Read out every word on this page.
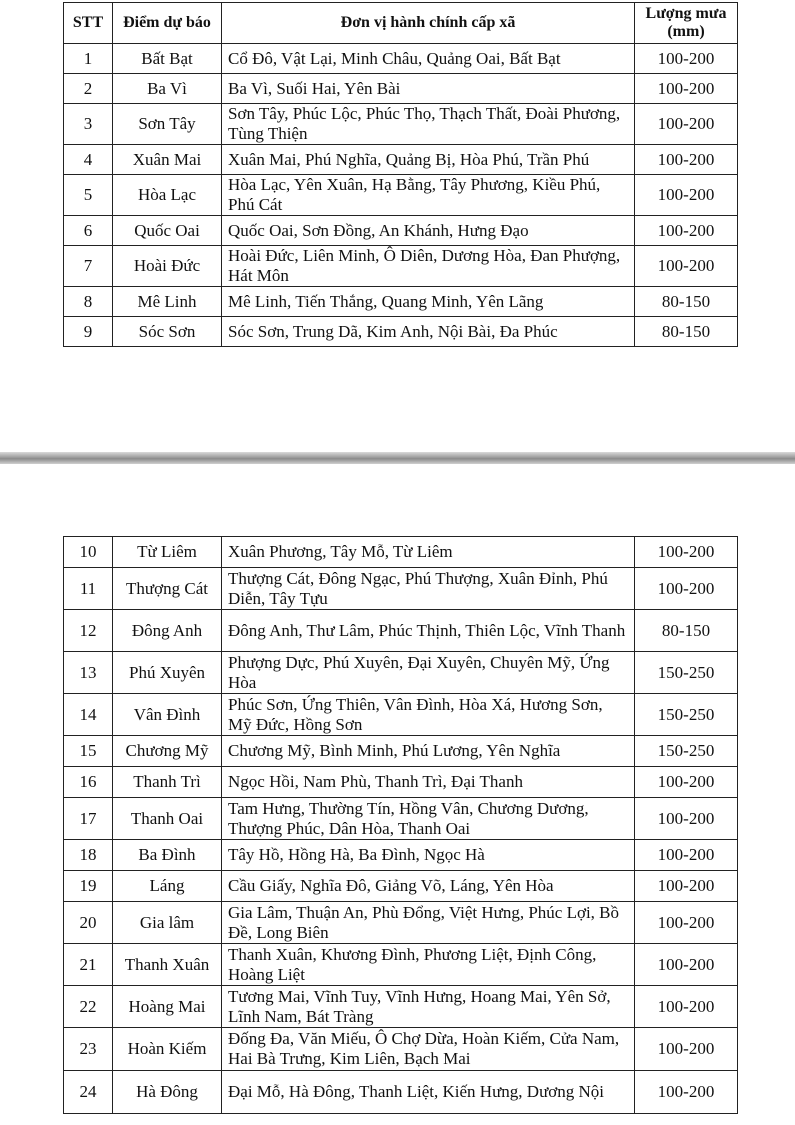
STT	Điểm dự báo	Đơn vị hành chính cấp xã	Lượng mưa (mm)
1	Bất Bạt	Cổ Đô, Vật Lại, Minh Châu, Quảng Oai, Bất Bạt	100-200
2	Ba Vì	Ba Vì, Suối Hai, Yên Bài	100-200
3	Sơn Tây	Sơn Tây, Phúc Lộc, Phúc Thọ, Thạch Thất, Đoài Phương, Tùng Thiện	100-200
4	Xuân Mai	Xuân Mai, Phú Nghĩa, Quảng Bị, Hòa Phú, Trần Phú	100-200
5	Hòa Lạc	Hòa Lạc, Yên Xuân, Hạ Bằng, Tây Phương, Kiều Phú, Phú Cát	100-200
6	Quốc Oai	Quốc Oai, Sơn Đồng, An Khánh, Hưng Đạo	100-200
7	Hoài Đức	Hoài Đức, Liên Minh, Ô Diên, Dương Hòa, Đan Phượng, Hát Môn	100-200
8	Mê Linh	Mê Linh, Tiến Thắng, Quang Minh, Yên Lãng	80-150
9	Sóc Sơn	Sóc Sơn, Trung Dã, Kim Anh, Nội Bài, Đa Phúc	80-150
10	Từ Liêm	Xuân Phương, Tây Mỗ, Từ Liêm	100-200
11	Thượng Cát	Thượng Cát, Đông Ngạc, Phú Thượng, Xuân Đỉnh, Phú Diễn, Tây Tựu	100-200
12	Đông Anh	Đông Anh, Thư Lâm, Phúc Thịnh, Thiên Lộc, Vĩnh Thanh	80-150
13	Phú Xuyên	Phượng Dực, Phú Xuyên, Đại Xuyên, Chuyên Mỹ, Ứng Hòa	150-250
14	Vân Đình	Phúc Sơn, Ứng Thiên, Vân Đình, Hòa Xá, Hương Sơn, Mỹ Đức, Hồng Sơn	150-250
15	Chương Mỹ	Chương Mỹ, Bình Minh, Phú Lương, Yên Nghĩa	150-250
16	Thanh Trì	Ngọc Hồi, Nam Phù, Thanh Trì, Đại Thanh	100-200
17	Thanh Oai	Tam Hưng, Thường Tín, Hồng Vân, Chương Dương, Thượng Phúc, Dân Hòa, Thanh Oai	100-200
18	Ba Đình	Tây Hồ, Hồng Hà, Ba Đình, Ngọc Hà	100-200
19	Láng	Cầu Giấy, Nghĩa Đô, Giảng Võ, Láng, Yên Hòa	100-200
20	Gia lâm	Gia Lâm, Thuận An, Phù Đổng, Việt Hưng, Phúc Lợi, Bồ Đề, Long Biên	100-200
21	Thanh Xuân	Thanh Xuân, Khương Đình, Phương Liệt, Định Công, Hoàng Liệt	100-200
22	Hoàng Mai	Tương Mai, Vĩnh Tuy, Vĩnh Hưng, Hoang Mai, Yên Sở, Lĩnh Nam, Bát Tràng	100-200
23	Hoàn Kiếm	Đống Đa, Văn Miếu, Ô Chợ Dừa, Hoàn Kiếm, Cửa Nam, Hai Bà Trưng, Kim Liên, Bạch Mai	100-200
24	Hà Đông	Đại Mỗ, Hà Đông, Thanh Liệt, Kiến Hưng, Dương Nội	100-200
